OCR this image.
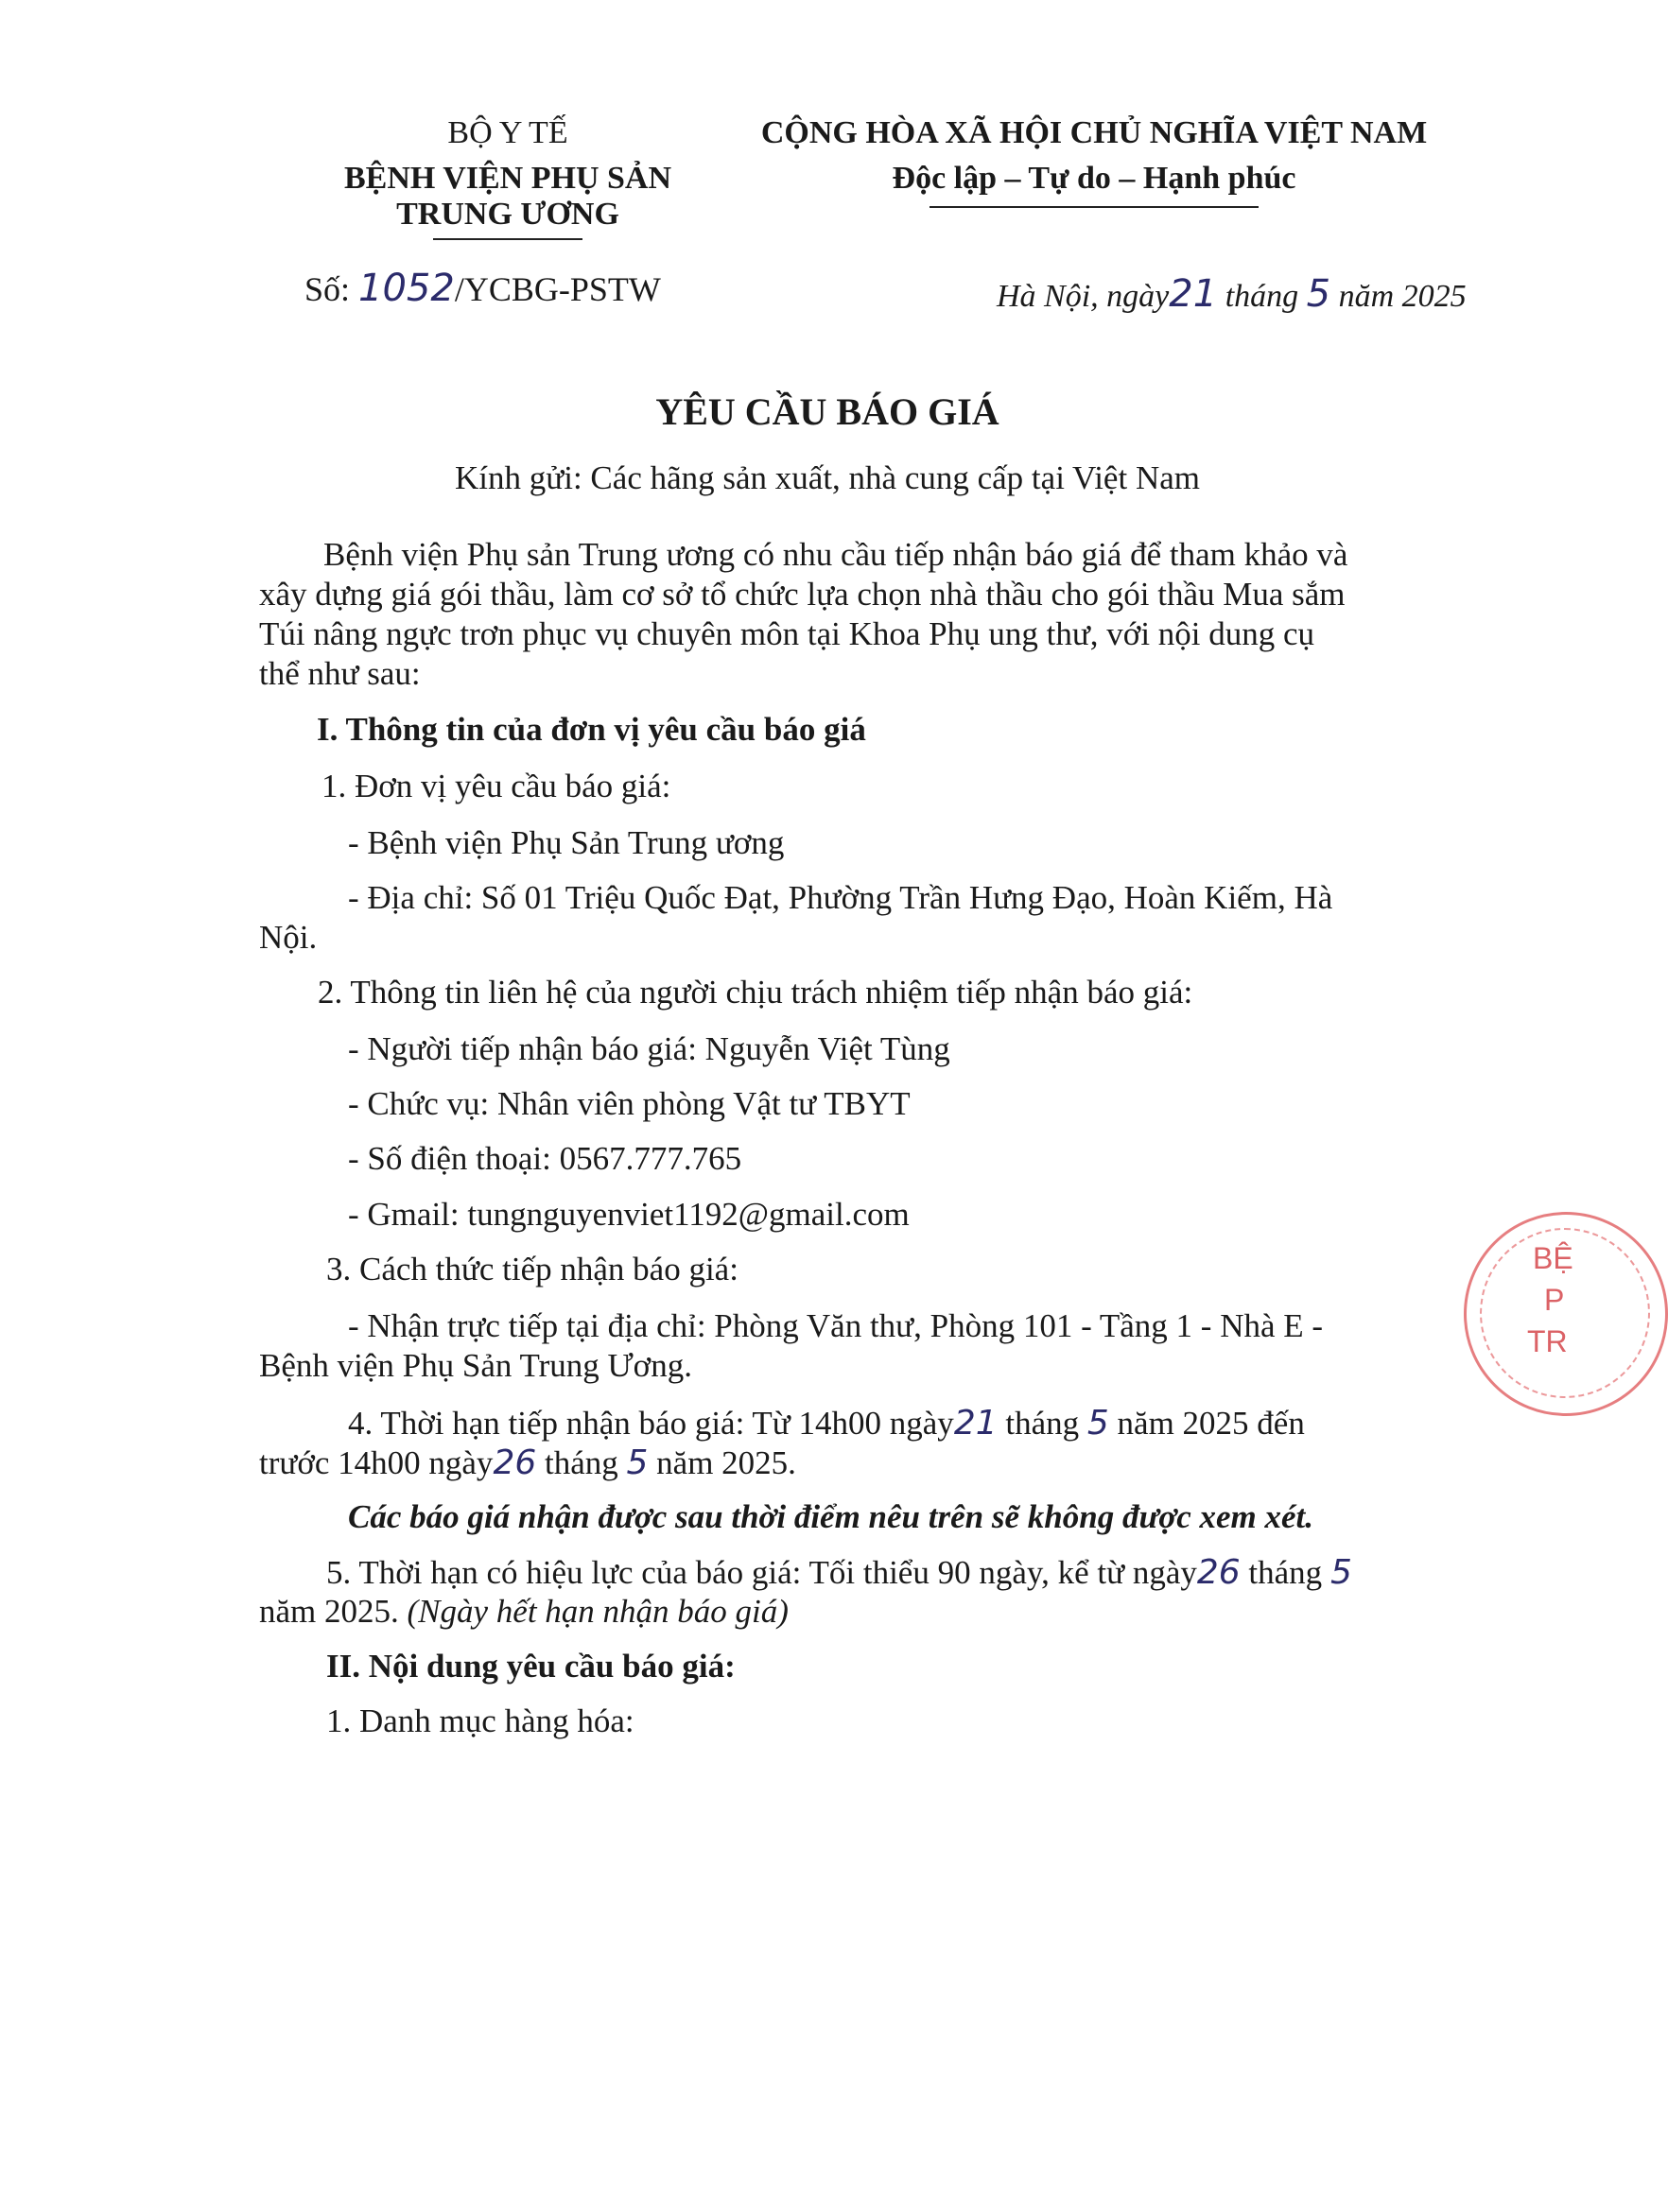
BỘ Y TẾ
BỆNH VIỆN PHỤ SẢN
TRUNG ƯƠNG
CỘNG HÒA XÃ HỘI CHỦ NGHĨA VIỆT NAM
Độc lập – Tự do – Hạnh phúc
Số: 1052/YCBG-PSTW	Hà Nội, ngày21 tháng 5 năm 2025
YÊU CẦU BÁO GIÁ
Kính gửi: Các hãng sản xuất, nhà cung cấp tại Việt Nam
Bệnh viện Phụ sản Trung ương có nhu cầu tiếp nhận báo giá để tham khảo và
xây dựng giá gói thầu, làm cơ sở tổ chức lựa chọn nhà thầu cho gói thầu Mua sắm
Túi nâng ngực trơn phục vụ chuyên môn tại Khoa Phụ ung thư, với nội dung cụ
thể như sau:
I. Thông tin của đơn vị yêu cầu báo giá
1. Đơn vị yêu cầu báo giá:
- Bệnh viện Phụ Sản Trung ương
- Địa chỉ: Số 01 Triệu Quốc Đạt, Phường Trần Hưng Đạo, Hoàn Kiếm, Hà
Nội.
2. Thông tin liên hệ của người chịu trách nhiệm tiếp nhận báo giá:
- Người tiếp nhận báo giá: Nguyễn Việt Tùng
- Chức vụ: Nhân viên phòng Vật tư TBYT
- Số điện thoại: 0567.777.765
- Gmail: tungnguyenviet1192@gmail.com
3. Cách thức tiếp nhận báo giá:
- Nhận trực tiếp tại địa chỉ: Phòng Văn thư, Phòng 101 - Tầng 1 - Nhà E -
Bệnh viện Phụ Sản Trung Ương.
4. Thời hạn tiếp nhận báo giá: Từ 14h00 ngày21 tháng 5 năm 2025 đến
trước 14h00 ngày26 tháng 5 năm 2025.
Các báo giá nhận được sau thời điểm nêu trên sẽ không được xem xét.
5. Thời hạn có hiệu lực của báo giá: Tối thiểu 90 ngày, kể từ ngày26 tháng 5
năm 2025. (Ngày hết hạn nhận báo giá)
II. Nội dung yêu cầu báo giá:
1. Danh mục hàng hóa:
BỆ
P
TR
